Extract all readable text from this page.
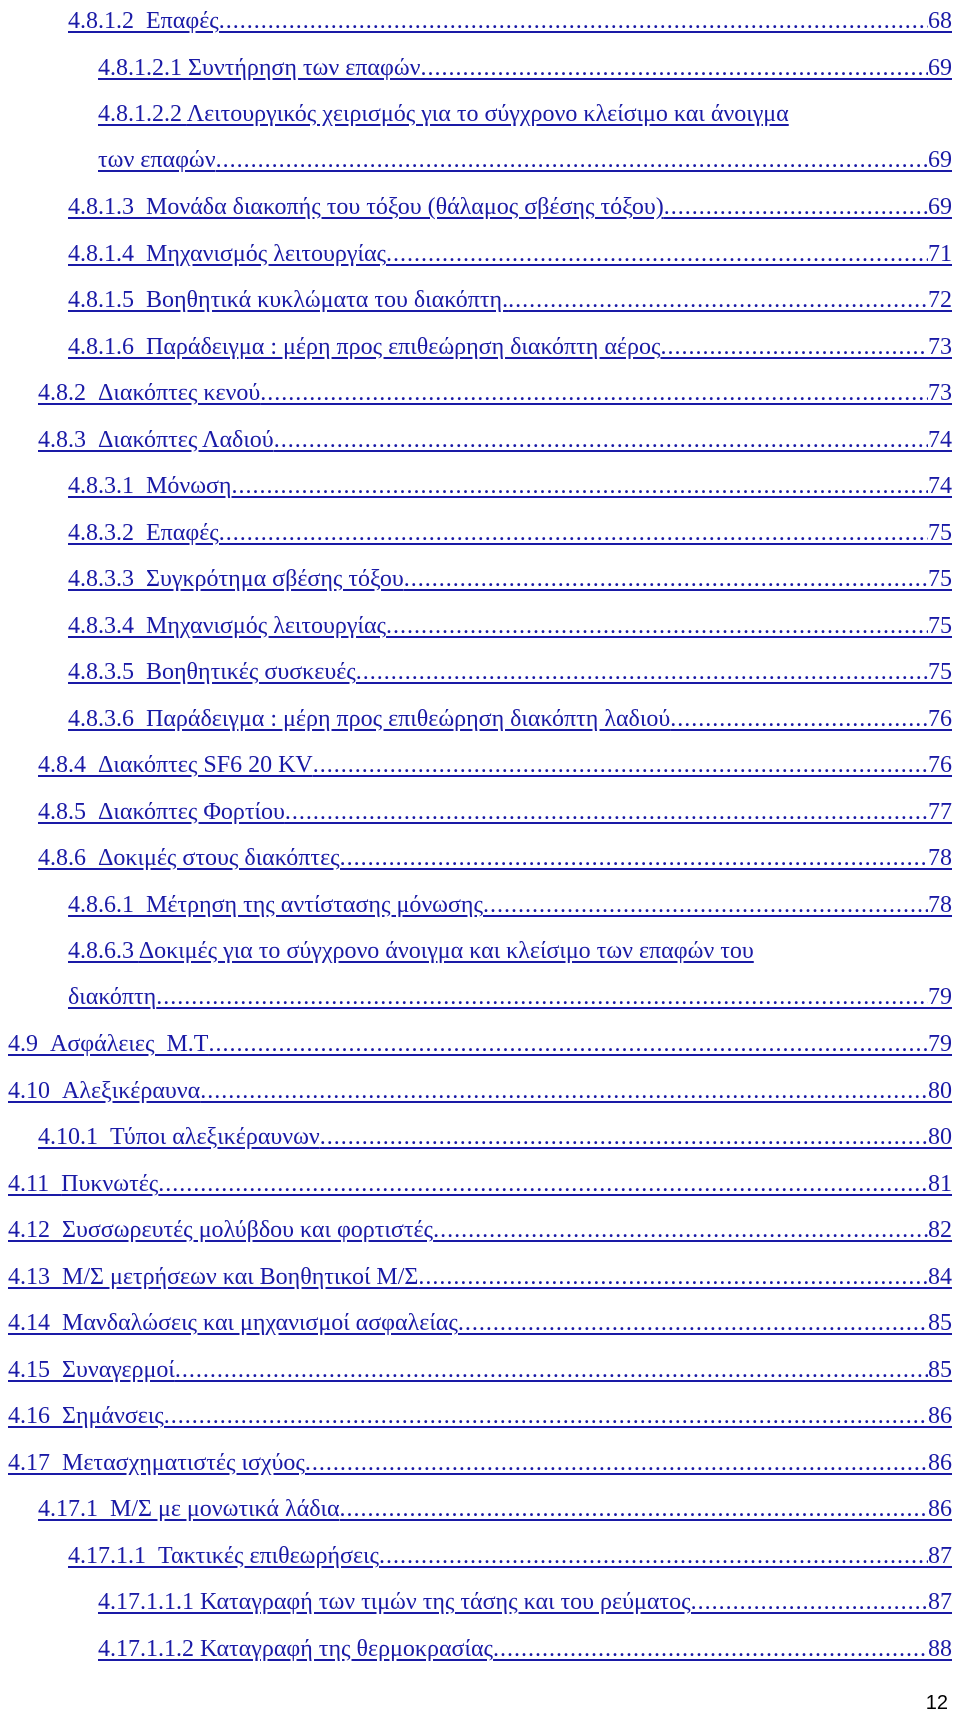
4.8.1.2 Επαφές .....	68
4.8.1.2.1 Συντήρηση των επαφών .....	69
4.8.1.2.2 Λειτουργικός χειρισμός για το σύγχρονο κλείσιμο και άνοιγμα
των επαφών .....	69
4.8.1.3 Μονάδα διακοπής του τόξου (θάλαμος σβέσης τόξου) .....	69
4.8.1.4 Μηχανισμός λειτουργίας .....	71
4.8.1.5 Βοηθητικά κυκλώματα του διακόπτη. .....	72
4.8.1.6 Παράδειγμα : μέρη προς επιθεώρηση διακόπτη αέρος .....	73
4.8.2 Διακόπτες κενού .....	73
4.8.3 Διακόπτες Λαδιού .....	74
4.8.3.1 Μόνωση .....	74
4.8.3.2 Επαφές .....	75
4.8.3.3 Συγκρότημα σβέσης τόξου .....	75
4.8.3.4 Μηχανισμός λειτουργίας .....	75
4.8.3.5 Βοηθητικές συσκευές .....	75
4.8.3.6 Παράδειγμα : μέρη προς επιθεώρηση διακόπτη λαδιού .....	76
4.8.4 Διακόπτες SF6 20 KV .....	76
4.8.5 Διακόπτες Φορτίου .....	77
4.8.6 Δοκιμές στους διακόπτες .....	78
4.8.6.1 Μέτρηση της αντίστασης μόνωσης .....	78
4.8.6.3 Δοκιμές για το σύγχρονο άνοιγμα και κλείσιμο των επαφών του
διακόπτη .....	79
4.9 Ασφάλειες  Μ.Τ .....	79
4.10 Αλεξικέραυνα .....	80
4.10.1 Τύποι αλεξικέραυνων .....	80
4.11 Πυκνωτές .....	81
4.12 Συσσωρευτές μολύβδου και φορτιστές .....	82
4.13 Μ/Σ μετρήσεων και Βοηθητικοί Μ/Σ .....	84
4.14 Μανδαλώσεις και μηχανισμοί ασφαλείας .....	85
4.15 Συναγερμοί .....	85
4.16 Σημάνσεις .....	86
4.17 Μετασχηματιστές ισχύος .....	86
4.17.1 Μ/Σ με μονωτικά λάδια .....	86
4.17.1.1 Τακτικές επιθεωρήσεις .....	87
4.17.1.1.1 Καταγραφή των τιμών της τάσης και του ρεύματος .....	87
4.17.1.1.2 Καταγραφή της θερμοκρασίας .....	88
12
